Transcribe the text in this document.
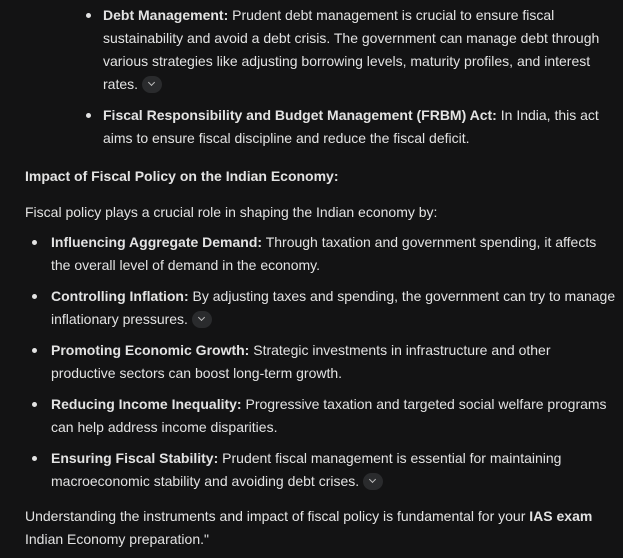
Debt Management: Prudent debt management is crucial to ensure fiscal sustainability and avoid a debt crisis. The government can manage debt through various strategies like adjusting borrowing levels, maturity profiles, and interest rates.
Fiscal Responsibility and Budget Management (FRBM) Act: In India, this act aims to ensure fiscal discipline and reduce the fiscal deficit.
Impact of Fiscal Policy on the Indian Economy:
Fiscal policy plays a crucial role in shaping the Indian economy by:
Influencing Aggregate Demand: Through taxation and government spending, it affects the overall level of demand in the economy.
Controlling Inflation: By adjusting taxes and spending, the government can try to manage inflationary pressures.
Promoting Economic Growth: Strategic investments in infrastructure and other productive sectors can boost long-term growth.
Reducing Income Inequality: Progressive taxation and targeted social welfare programs can help address income disparities.
Ensuring Fiscal Stability: Prudent fiscal management is essential for maintaining macroeconomic stability and avoiding debt crises.
Understanding the instruments and impact of fiscal policy is fundamental for your IAS exam Indian Economy preparation."
